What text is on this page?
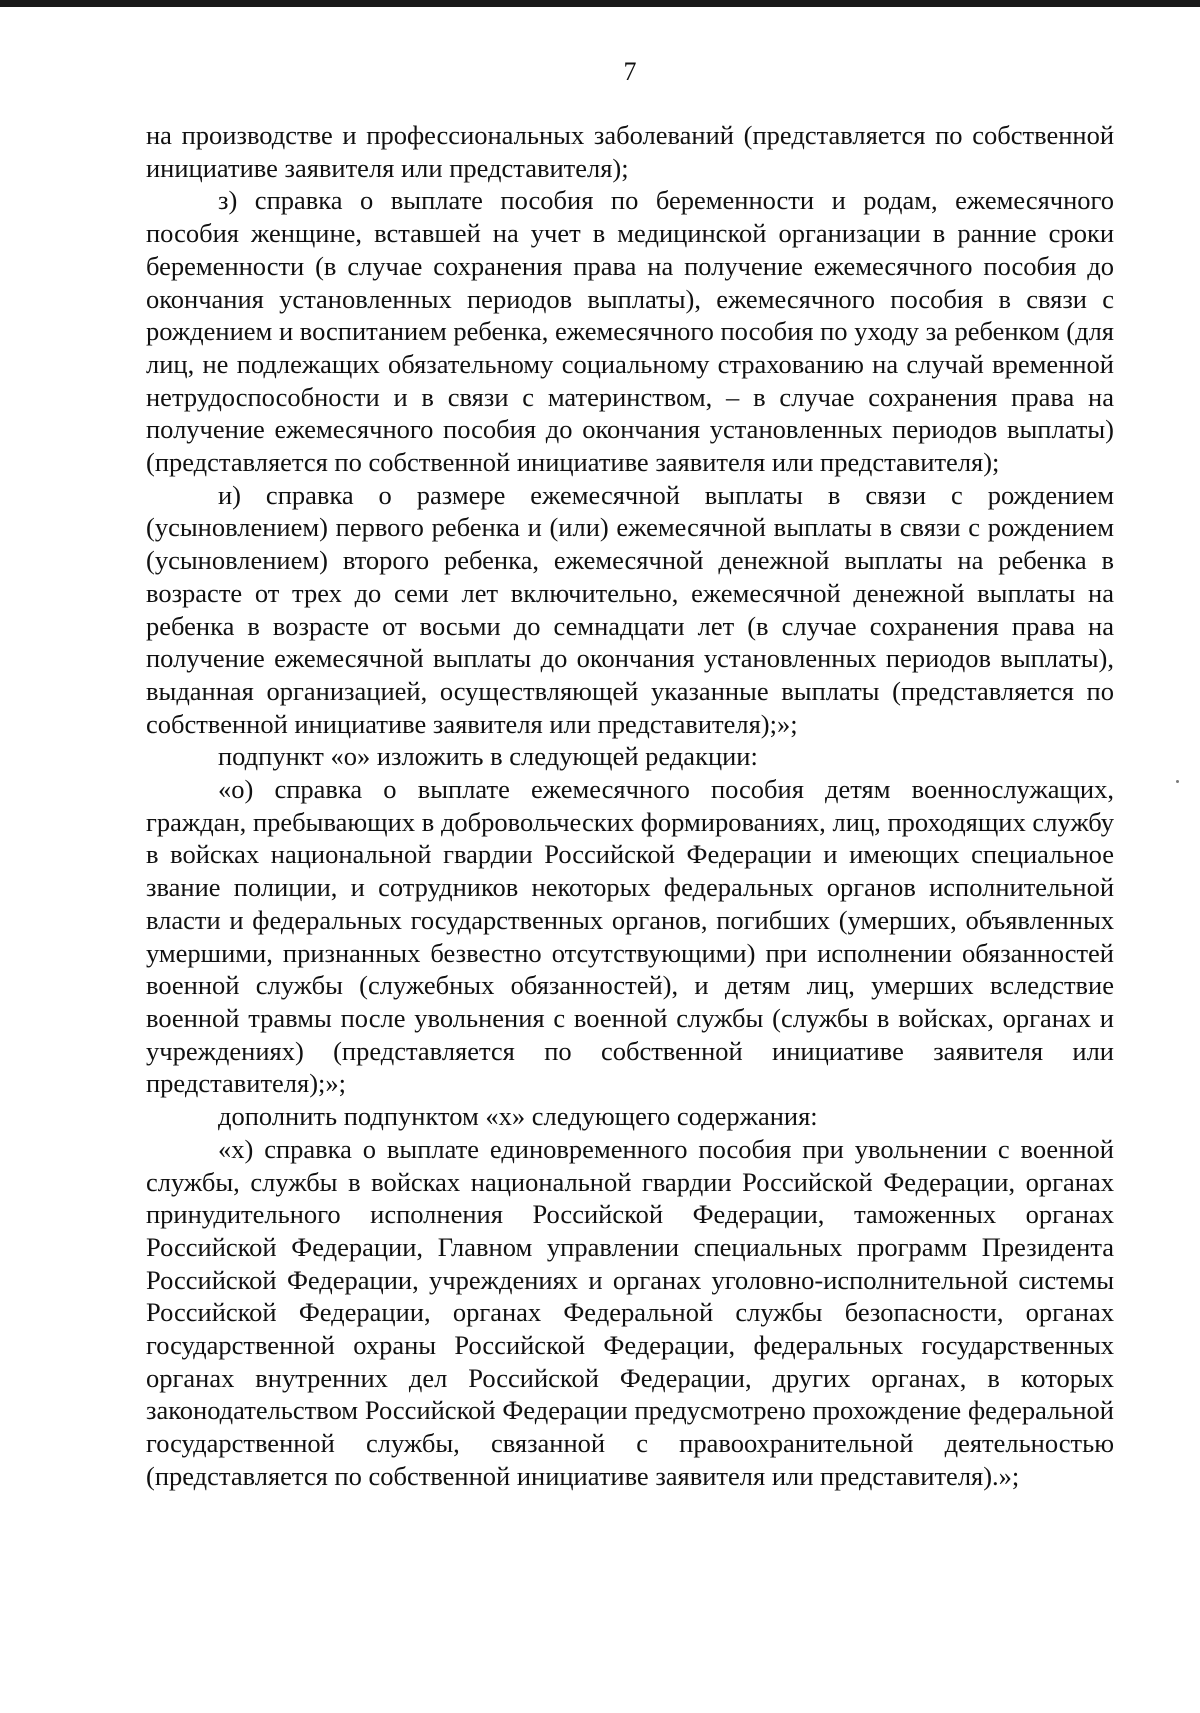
7

на производстве и профессиональных заболеваний (представляется по собственной инициативе заявителя или представителя);

з) справка о выплате пособия по беременности и родам, ежемесячного пособия женщине, вставшей на учет в медицинской организации в ранние сроки беременности (в случае сохранения права на получение ежемесячного пособия до окончания установленных периодов выплаты), ежемесячного пособия в связи с рождением и воспитанием ребенка, ежемесячного пособия по уходу за ребенком (для лиц, не подлежащих обязательному социальному страхованию на случай временной нетрудоспособности и в связи с материнством, – в случае сохранения права на получение ежемесячного пособия до окончания установленных периодов выплаты) (представляется по собственной инициативе заявителя или представителя);

и) справка о размере ежемесячной выплаты в связи с рождением (усыновлением) первого ребенка и (или) ежемесячной выплаты в связи с рождением (усыновлением) второго ребенка, ежемесячной денежной выплаты на ребенка в возрасте от трех до семи лет включительно, ежемесячной денежной выплаты на ребенка в возрасте от восьми до семнадцати лет (в случае сохранения права на получение ежемесячной выплаты до окончания установленных периодов выплаты), выданная организацией, осуществляющей указанные выплаты (представляется по собственной инициативе заявителя или представителя);»;

подпункт «о» изложить в следующей редакции:

«о) справка о выплате ежемесячного пособия детям военнослужащих, граждан, пребывающих в добровольческих формированиях, лиц, проходящих службу в войсках национальной гвардии Российской Федерации и имеющих специальное звание полиции, и сотрудников некоторых федеральных органов исполнительной власти и федеральных государственных органов, погибших (умерших, объявленных умершими, признанных безвестно отсутствующими) при исполнении обязанностей военной службы (служебных обязанностей), и детям лиц, умерших вследствие военной травмы после увольнения с военной службы (службы в войсках, органах и учреждениях) (представляется по собственной инициативе заявителя или представителя);»;

дополнить подпунктом «х» следующего содержания:

«х) справка о выплате единовременного пособия при увольнении с военной службы, службы в войсках национальной гвардии Российской Федерации, органах принудительного исполнения Российской Федерации, таможенных органах Российской Федерации, Главном управлении специальных программ Президента Российской Федерации, учреждениях и органах уголовно-исполнительной системы Российской Федерации, органах Федеральной службы безопасности, органах государственной охраны Российской Федерации, федеральных государственных органах внутренних дел Российской Федерации, других органах, в которых законодательством Российской Федерации предусмотрено прохождение федеральной государственной службы, связанной с правоохранительной деятельностью (представляется по собственной инициативе заявителя или представителя).»;
